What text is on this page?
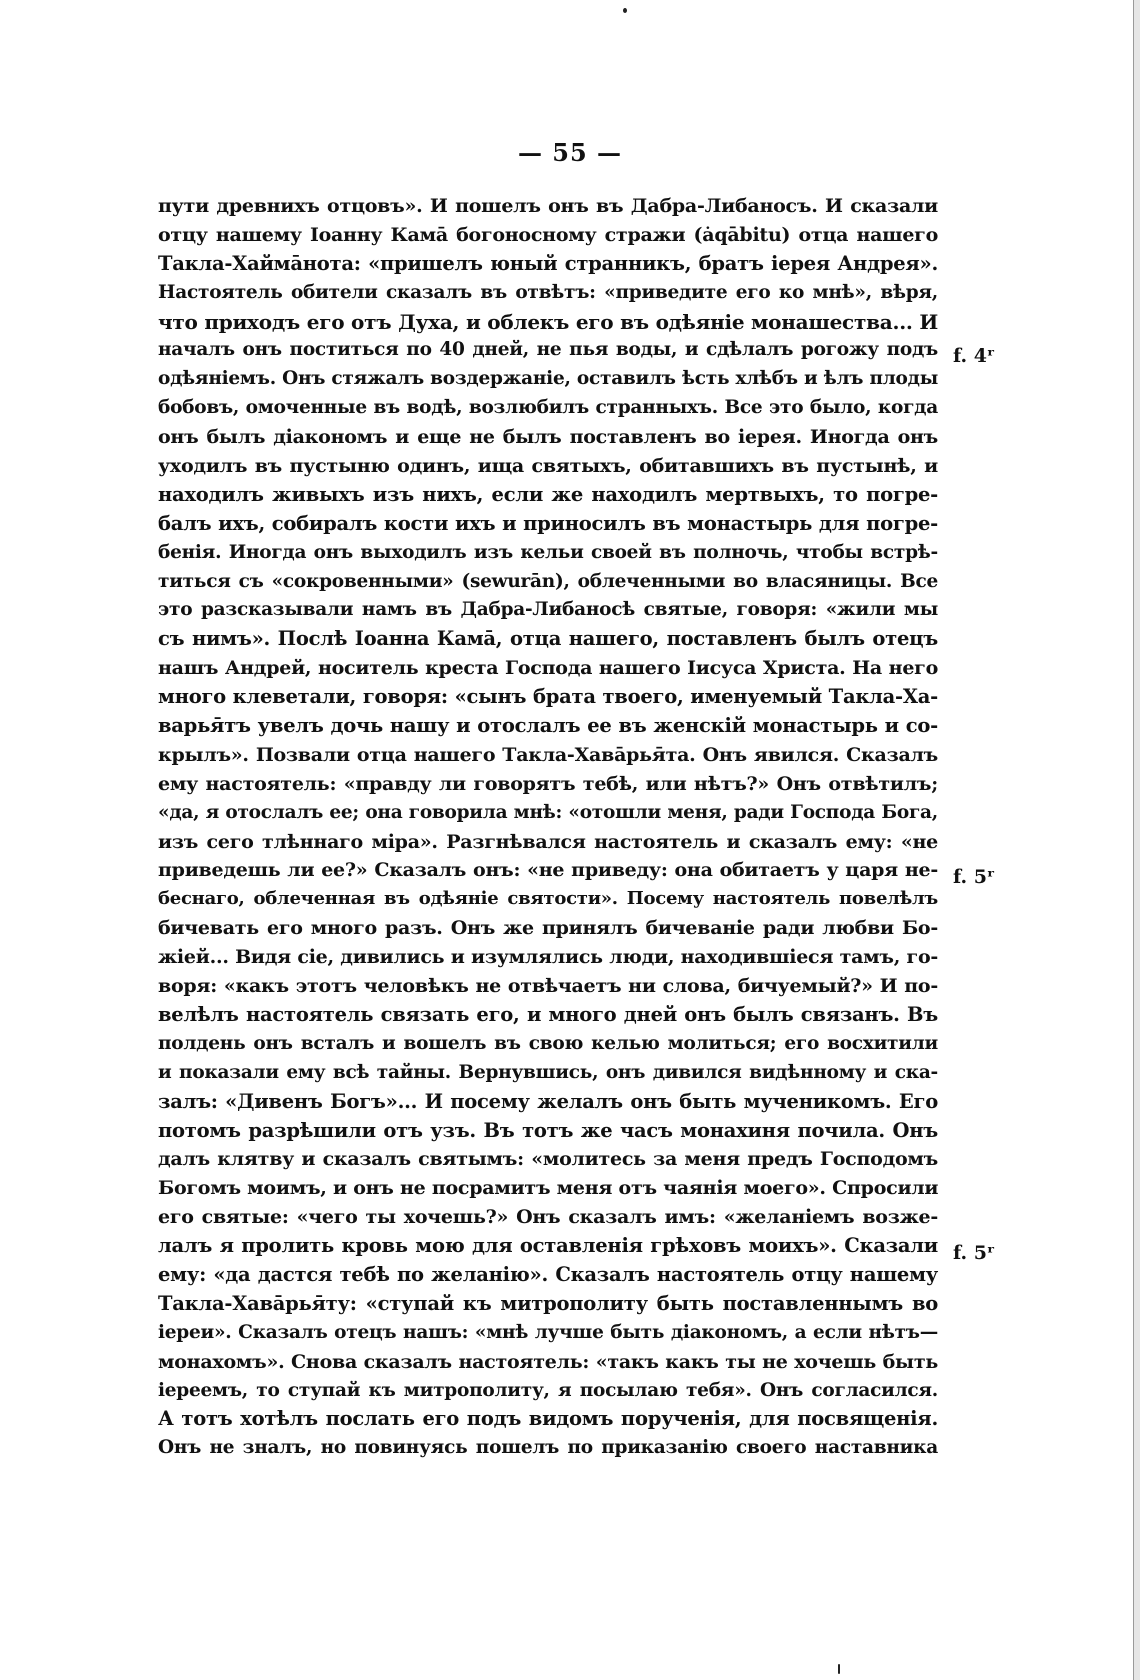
— 55 —
пути древнихъ отцовъ». И пошелъ онъ въ Дабра-Либаносъ. И сказали
отцу нашему Іоанну Кама̄ богоносному стражи (а̇qābitu) отца нашего
Такла-Хаймāнота: «пришелъ юный странникъ, братъ іерея Андрея».
Настоятель обители сказалъ въ отвѣтъ: «приведите его ко мнѣ», вѣря,
что приходъ его отъ Духа, и облекъ его въ одѣяніе монашества... И
началъ онъ поститься по 40 дней, не пья воды, и сдѣлалъ рогожу подъ
одѣяніемъ. Онъ стяжалъ воздержаніе, оставилъ ѣсть хлѣбъ и ѣлъ плоды
бобовъ, омоченные въ водѣ, возлюбилъ странныхъ. Все это было, когда
онъ былъ діакономъ и еще не былъ поставленъ во іерея. Иногда онъ
уходилъ въ пустыню одинъ, ища святыхъ, обитавшихъ въ пустынѣ, и
находилъ живыхъ изъ нихъ, если же находилъ мертвыхъ, то погре-
балъ ихъ, собиралъ кости ихъ и приносилъ въ монастырь для погре-
бенія. Иногда онъ выходилъ изъ кельи своей въ полночь, чтобы встрѣ-
титься съ «сокровенными» (sewurān), облеченными во власяницы. Все
это разсказывали намъ въ Дабра-Либаносѣ святые, говоря: «жили мы
съ нимъ». Послѣ Іоанна Кама̄, отца нашего, поставленъ былъ отецъ
нашъ Андрей, носитель креста Господа нашего Іисуса Христа. На него
много клеветали, говоря: «сынъ брата твоего, именуемый Такла-Ха-
варья̄тъ увелъ дочь нашу и отослалъ ее въ женскій монастырь и со-
крылъ». Позвали отца нашего Такла-Хава̄рья̄та. Онъ явился. Сказалъ
ему настоятель: «правду ли говорятъ тебѣ, или нѣтъ?» Онъ отвѣтилъ;
«да, я отослалъ ее; она говорила мнѣ: «отошли меня, ради Господа Бога,
изъ сего тлѣннаго міра». Разгнѣвался настоятель и сказалъ ему: «не
приведешь ли ее?» Сказалъ онъ: «не приведу: она обитаетъ у царя не-
беснаго, облеченная въ одѣяніе святости». Посему настоятель повелѣлъ
бичевать его много разъ. Онъ же принялъ бичеваніе ради любви Бо-
жіей... Видя сіе, дивились и изумлялись люди, находившіеся тамъ, го-
воря: «какъ этотъ человѣкъ не отвѣчаетъ ни слова, бичуемый?» И по-
велѣлъ настоятель связать его, и много дней онъ былъ связанъ. Въ
полдень онъ всталъ и вошелъ въ свою келью молиться; его восхитили
и показали ему всѣ тайны. Вернувшись, онъ дивился видѣнному и ска-
залъ: «Дивенъ Богъ»... И посему желалъ онъ быть мученикомъ. Его
потомъ разрѣшили отъ узъ. Въ тотъ же часъ монахиня почила. Онъ
далъ клятву и сказалъ святымъ: «молитесь за меня предъ Господомъ
Богомъ моимъ, и онъ не посрамитъ меня отъ чаянія моего». Спросили
его святые: «чего ты хочешь?» Онъ сказалъ имъ: «желаніемъ возже-
лалъ я пролить кровь мою для оставленія грѣховъ моихъ». Сказали
ему: «да дастся тебѣ по желанію». Сказалъ настоятель отцу нашему
Такла-Хава̄рья̄ту: «ступай къ митрополиту быть поставленнымъ во
іереи». Сказалъ отецъ нашъ: «мнѣ лучше быть діакономъ, а если нѣтъ—
монахомъ». Снова сказалъ настоятель: «такъ какъ ты не хочешь быть
іереемъ, то ступай къ митрополиту, я посылаю тебя». Онъ согласился.
А тотъ хотѣлъ послать его подъ видомъ порученія, для посвященія.
Онъ не зналъ, но повинуясь пошелъ по приказанію своего наставника
f. 4ʳ
f. 5ʳ
f. 5ʳ
